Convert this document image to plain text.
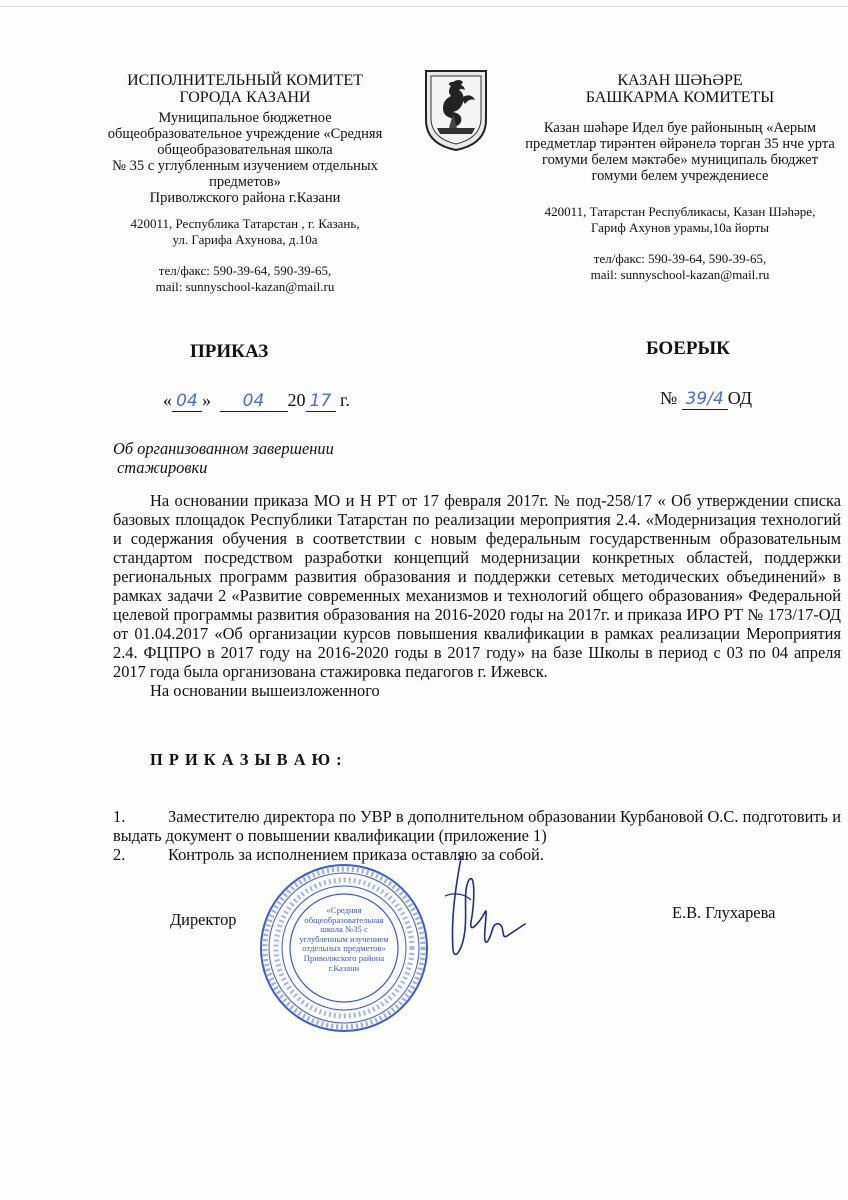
ИСПОЛНИТЕЛЬНЫЙ КОМИТЕТ
ГОРОДА КАЗАНИ
Муниципальное бюджетное
общеобразовательное учреждение «Средняя
общеобразовательная школа
№ 35 с углубленным изучением отдельных
предметов»
Приволжского района г.Казани
420011, Республика Татарстан , г. Казань,
ул. Гарифа Ахунова, д.10а
тел/факс: 590-39-64, 590-39-65,
mail: sunnyschool-kazan@mail.ru
КАЗАН ШӘҺӘРЕ
БАШКАРМА КОМИТЕТЫ
Казан шәһәре Идел буе районының «Аерым
предметлар тирәнтен өйрәнелә торган 35 нче урта
гомуми белем мәктәбе» муниципаль бюджет
гомуми белем учреждениесе
420011, Татарстан Республикасы, Казан Шәһәре,
Гариф Ахунов урамы,10а йорты
тел/факс: 590-39-64, 590-39-65,
mail: sunnyschool-kazan@mail.ru
ПРИКАЗ	БОЕРЫК
« 04 » 04 20 17 г.	№ 39/4 ОД
Об организованном завершении
стажировки

На основании приказа МО и Н РТ от 17 февраля 2017г. № под-258/17 « Об утверждении списка базовых площадок Республики Татарстан по реализации мероприятия 2.4. «Модернизация технологий и содержания обучения в соответствии с новым федеральным государственным образовательным стандартом посредством разработки концепций модернизации конкретных областей, поддержки региональных программ развития образования и поддержки сетевых методических объединений» в рамках задачи 2 «Развитие современных механизмов и технологий общего образования» Федеральной целевой программы развития образования на 2016-2020 годы на 2017г. и приказа ИРО РТ № 173/17-ОД от 01.04.2017 «Об организации курсов повышения квалификации в рамках реализации Мероприятия 2.4. ФЦПРО в 2017 году на 2016-2020 годы в 2017 году» на базе Школы в период с 03 по 04 апреля 2017 года была организована стажировка педагогов г. Ижевск.

На основании вышеизложенного

П Р И К А З Ы В А Ю :
1.	Заместителю директора по УВР в дополнительном образовании Курбановой О.С. подготовить и выдать документ о повышении квалификации (приложение 1)
2.	Контроль за исполнением приказа оставляю за собой.
«Средняя общеобразовательная школа №35 с углубленным изучением отдельных предметов» Приволжского района г.Казани
Директор	Е.В. Глухарева
